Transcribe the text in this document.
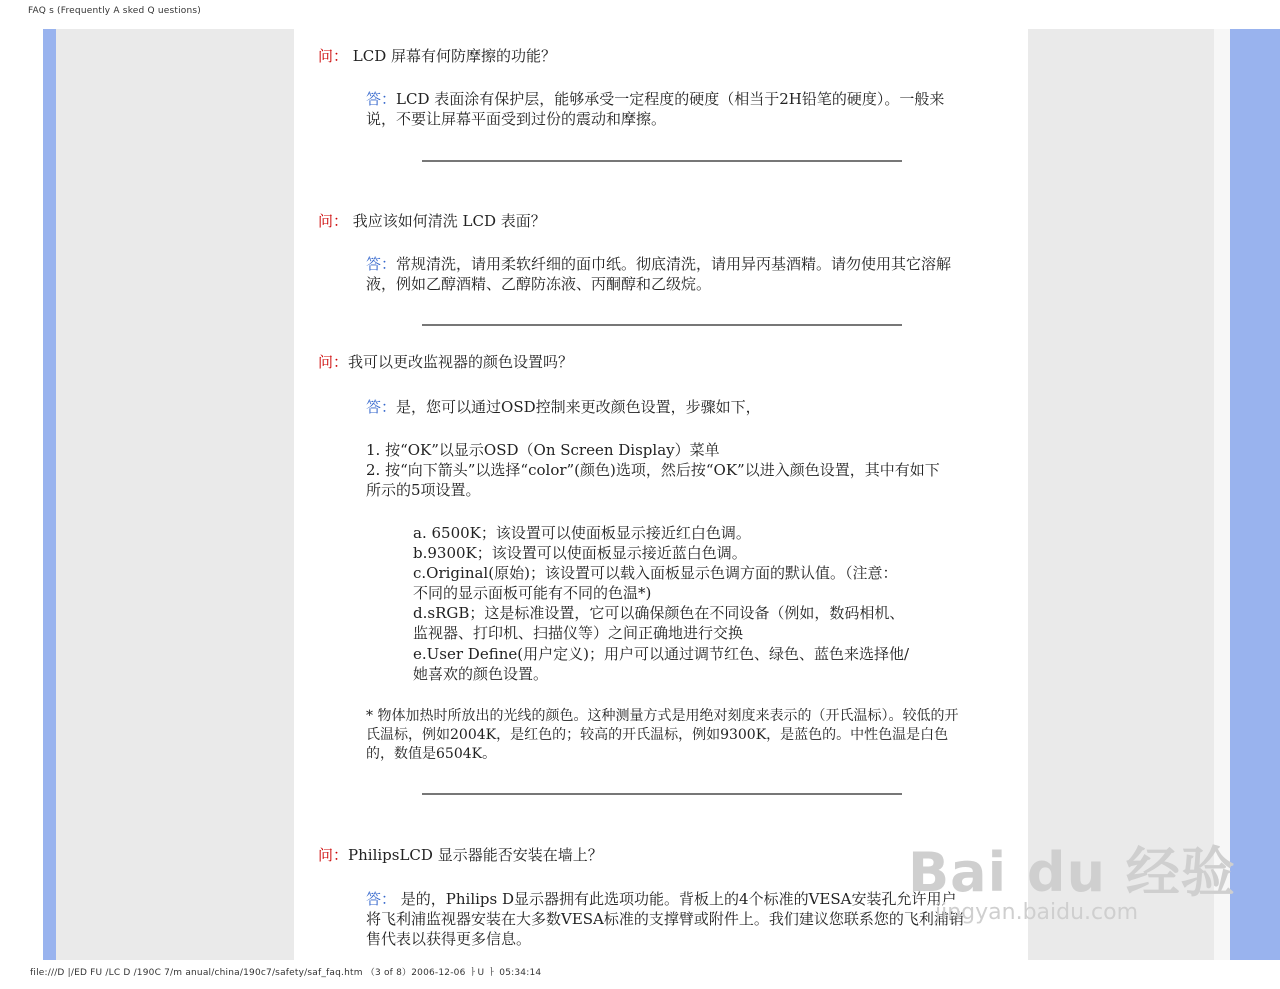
FAQ s (Frequently A sked Q uestions)
问： LCD 屏幕有何防摩擦的功能？
答：LCD 表面涂有保护层，能够承受一定程度的硬度（相当于2H铅笔的硬度）。一般来说，不要让屏幕平面受到过份的震动和摩擦。
问： 我应该如何清洗 LCD 表面？
答：常规清洗，请用柔软纤细的面巾纸。彻底清洗，请用异丙基酒精。请勿使用其它溶解液，例如乙醇酒精、乙醇防冻液、丙酮醇和乙级烷。
问：我可以更改监视器的颜色设置吗？
答：是，您可以通过OSD控制来更改颜色设置，步骤如下，
1. 按“OK”以显示OSD（On Screen Display）菜单
2. 按“向下箭头”以选择“color”(颜色)选项，然后按“OK”以进入颜色设置，其中有如下所示的5项设置。
a. 6500K；该设置可以使面板显示接近红白色调。
b.9300K；该设置可以使面板显示接近蓝白色调。
c.Original(原始)；该设置可以载入面板显示色调方面的默认值。（注意：不同的显示面板可能有不同的色温*)
d.sRGB；这是标准设置，它可以确保颜色在不同设备（例如，数码相机、监视器、打印机、扫描仪等）之间正确地进行交换
e.User Define(用户定义)；用户可以通过调节红色、绿色、蓝色来选择他/她喜欢的颜色设置。
* 物体加热时所放出的光线的颜色。这种测量方式是用绝对刻度来表示的（开氏温标）。较低的开氏温标，例如2004K，是红色的；较高的开氏温标，例如9300K，是蓝色的。中性色温是白色的，数值是6504K。
问：PhilipsLCD 显示器能否安装在墙上？
答： 是的，Philips D显示器拥有此选项功能。背板上的4个标准的VESA安装孔允许用户将飞利浦监视器安装在大多数VESA标准的支撑臂或附件上。我们建议您联系您的飞利浦销售代表以获得更多信息。
Bai du 经验
jingyan.baidu.com
file:///D |/ED FU /LC D /190C 7/m anual/china/190c7/safety/saf_faq.htm （3 of 8）2006-12-06 ￂU ￂ 05:34:14
